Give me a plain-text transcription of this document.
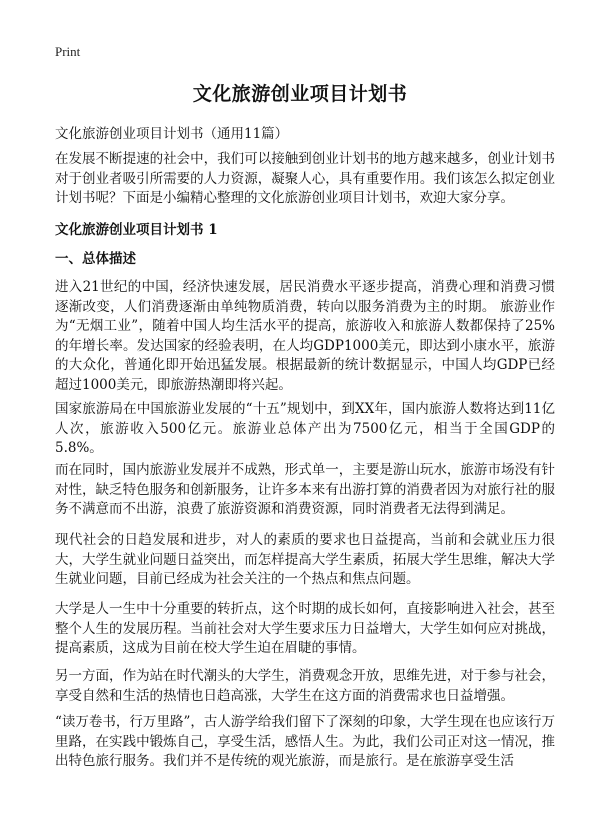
Print
文化旅游创业项目计划书
文化旅游创业项目计划书（通用11篇）

在发展不断提速的社会中，我们可以接触到创业计划书的地方越来越多，创业计划书对于创业者吸引所需要的人力资源，凝聚人心，具有重要作用。我们该怎么拟定创业计划书呢？下面是小编精心整理的文化旅游创业项目计划书，欢迎大家分享。

文化旅游创业项目计划书 1
一、总体描述

进入21世纪的中国，经济快速发展，居民消费水平逐步提高，消费心理和消费习惯逐渐改变，人们消费逐渐由单纯物质消费，转向以服务消费为主的时期。 旅游业作为“无烟工业”，随着中国人均生活水平的提高，旅游收入和旅游人数都保持了25%的年增长率。发达国家的经验表明，在人均GDP1000美元，即达到小康水平，旅游的大众化，普通化即开始迅猛发展。根据最新的统计数据显示，中国人均GDP已经超过1000美元，即旅游热潮即将兴起。

国家旅游局在中国旅游业发展的“十五”规划中，到XX年，国内旅游人数将达到11亿人次，旅游收入500亿元。旅游业总体产出为7500亿元，相当于全国GDP的5.8%。

而在同时，国内旅游业发展并不成熟，形式单一，主要是游山玩水，旅游市场没有针对性，缺乏特色服务和创新服务，让许多本来有出游打算的消费者因为对旅行社的服务不满意而不出游，浪费了旅游资源和消费资源，同时消费者无法得到满足。

现代社会的日趋发展和进步，对人的素质的要求也日益提高，当前和会就业压力很大，大学生就业问题日益突出，而怎样提高大学生素质，拓展大学生思维，解决大学生就业问题，目前已经成为社会关注的一个热点和焦点问题。

大学是人一生中十分重要的转折点，这个时期的成长如何，直接影响进入社会，甚至整个人生的发展历程。当前社会对大学生要求压力日益增大，大学生如何应对挑战，提高素质，这成为目前在校大学生迫在眉睫的事情。

另一方面，作为站在时代潮头的大学生，消费观念开放，思维先进，对于参与社会，享受自然和生活的热情也日趋高涨，大学生在这方面的消费需求也日益增强。

“读万卷书，行万里路”，古人游学给我们留下了深刻的印象，大学生现在也应该行万里路，在实践中锻炼自己，享受生活，感悟人生。为此，我们公司正对这一情况，推出特色旅行服务。我们并不是传统的观光旅游，而是旅行。是在旅游享受生活
